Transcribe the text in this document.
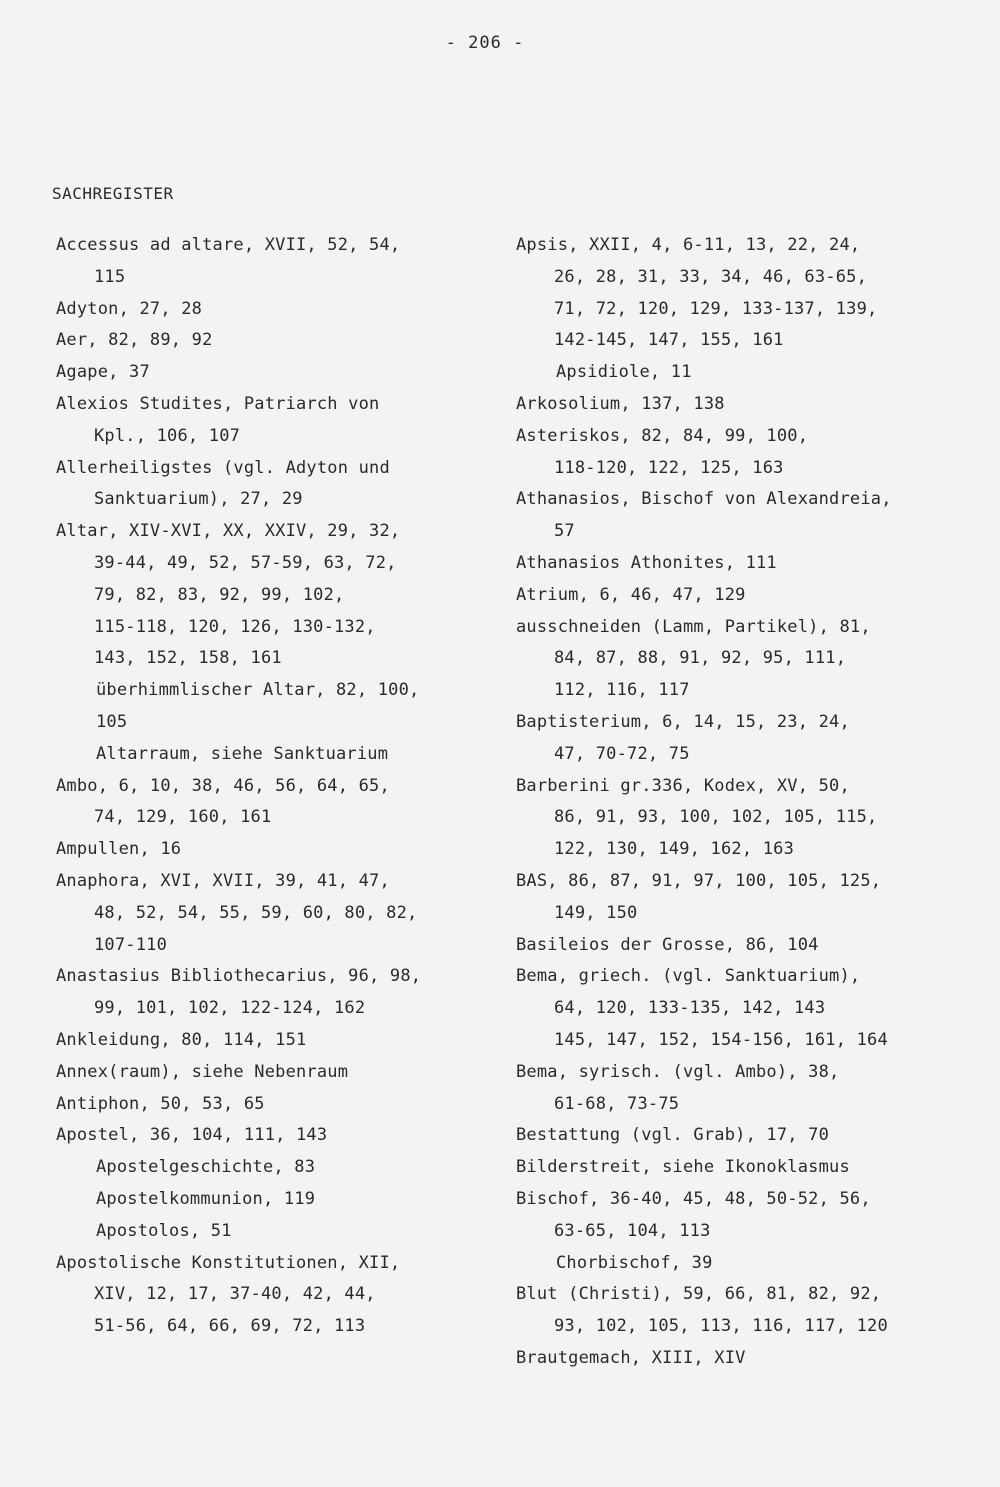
- 206 -
SACHREGISTER
Accessus ad altare, XVII, 52, 54,
115
Adyton, 27, 28
Aer, 82, 89, 92
Agape, 37
Alexios Studites, Patriarch von
Kpl., 106, 107
Allerheiligstes (vgl. Adyton und
Sanktuarium), 27, 29
Altar, XIV-XVI, XX, XXIV, 29, 32,
39-44, 49, 52, 57-59, 63, 72,
79, 82, 83, 92, 99, 102,
115-118, 120, 126, 130-132,
143, 152, 158, 161
überhimmlischer Altar, 82, 100,
105
Altarraum, siehe Sanktuarium
Ambo, 6, 10, 38, 46, 56, 64, 65,
74, 129, 160, 161
Ampullen, 16
Anaphora, XVI, XVII, 39, 41, 47,
48, 52, 54, 55, 59, 60, 80, 82,
107-110
Anastasius Bibliothecarius, 96, 98,
99, 101, 102, 122-124, 162
Ankleidung, 80, 114, 151
Annex(raum), siehe Nebenraum
Antiphon, 50, 53, 65
Apostel, 36, 104, 111, 143
Apostelgeschichte, 83
Apostelkommunion, 119
Apostolos, 51
Apostolische Konstitutionen, XII,
XIV, 12, 17, 37-40, 42, 44,
51-56, 64, 66, 69, 72, 113
Apsis, XXII, 4, 6-11, 13, 22, 24,
26, 28, 31, 33, 34, 46, 63-65,
71, 72, 120, 129, 133-137, 139,
142-145, 147, 155, 161
Apsidiole, 11
Arkosolium, 137, 138
Asteriskos, 82, 84, 99, 100,
118-120, 122, 125, 163
Athanasios, Bischof von Alexandreia,
57
Athanasios Athonites, 111
Atrium, 6, 46, 47, 129
ausschneiden (Lamm, Partikel), 81,
84, 87, 88, 91, 92, 95, 111,
112, 116, 117
Baptisterium, 6, 14, 15, 23, 24,
47, 70-72, 75
Barberini gr.336, Kodex, XV, 50,
86, 91, 93, 100, 102, 105, 115,
122, 130, 149, 162, 163
BAS, 86, 87, 91, 97, 100, 105, 125,
149, 150
Basileios der Grosse, 86, 104
Bema, griech. (vgl. Sanktuarium),
64, 120, 133-135, 142, 143
145, 147, 152, 154-156, 161, 164
Bema, syrisch. (vgl. Ambo), 38,
61-68, 73-75
Bestattung (vgl. Grab), 17, 70
Bilderstreit, siehe Ikonoklasmus
Bischof, 36-40, 45, 48, 50-52, 56,
63-65, 104, 113
Chorbischof, 39
Blut (Christi), 59, 66, 81, 82, 92,
93, 102, 105, 113, 116, 117, 120
Brautgemach, XIII, XIV
